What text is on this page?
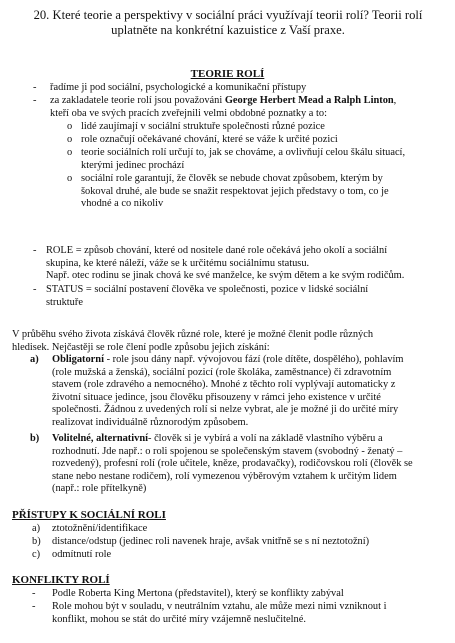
20. Které teorie a perspektivy v sociální práci využívají teorii rolí? Teorii rolí
uplatněte na konkrétní kazuistice z Vaší praxe.
TEORIE ROLÍ
-	řadíme ji pod sociální, psychologické a komunikační přístupy
-	za zakladatele teorie rolí jsou považováni George Herbert Mead a Ralph Linton,
kteří oba ve svých pracích zveřejnili velmi obdobné poznatky a to:
o lidé zaujímají v sociální struktuře společnosti různé pozice
o role označují očekávané chování, které se váže k určité pozici
o teorie sociálních rolí určují to, jak se chováme, a ovlivňují celou škálu situací,
kterými jedinec prochází
o sociální role garantují, že člověk se nebude chovat způsobem, kterým by
šokoval druhé, ale bude se snažit respektovat jejich představy o tom, co je
vhodné a co nikoliv
- ROLE = způsob chování, které od nositele dané role očekává jeho okolí a sociální
skupina, ke které náleží, váže se k určitému sociálnímu statusu.
Např. otec rodinu se jinak chová ke své manželce, ke svým dětem a ke svým rodičům.
- STATUS = sociální postavení člověka ve společnosti, pozice v lidské sociální
struktuře
V průběhu svého života získává člověk různé role, které je možné členit podle různých
hledisek. Nejčastěji se role člení podle způsobu jejich získání:
a)	Obligatorní - role jsou dány např. vývojovou fází (role dítěte, dospělého), pohlavím
(role mužská a ženská), sociální pozicí (role školáka, zaměstnance) či zdravotním
stavem (role zdravého a nemocného). Mnohé z těchto rolí vyplývají automaticky z
životní situace jedince, jsou člověku přisouzeny v rámci jeho existence v určité
společnosti. Žádnou z uvedených rolí si nelze vybrat, ale je možné ji do určité míry
realizovat individuálně různorodým způsobem.
b)	Volitelné, alternativní- člověk si je vybírá a volí na základě vlastního výběru a
rozhodnutí. Jde např.: o roli spojenou se společenským stavem (svobodný - ženatý –
rozvedený), profesní rolí (role učitele, kněze, prodavačky), rodičovskou rolí (člověk se
stane nebo nestane rodičem), rolí vymezenou výběrovým vztahem k určitým lidem
(např.: role přítelkyně)
PŘÍSTUPY K SOCIÁLNÍ ROLI
a)	ztotožnění/identifikace
b)	distance/odstup (jedinec roli navenek hraje, avšak vnitřně se s ní neztotožní)
c)	odmítnutí role
KONFLIKTY ROLÍ
-	Podle Roberta King Mertona (představitel), který se konflikty zabýval
-	Role mohou být v souladu, v neutrálním vztahu, ale může mezi nimi vzniknout i
konflikt, mohou se stát do určité míry vzájemně neslučitelné.
